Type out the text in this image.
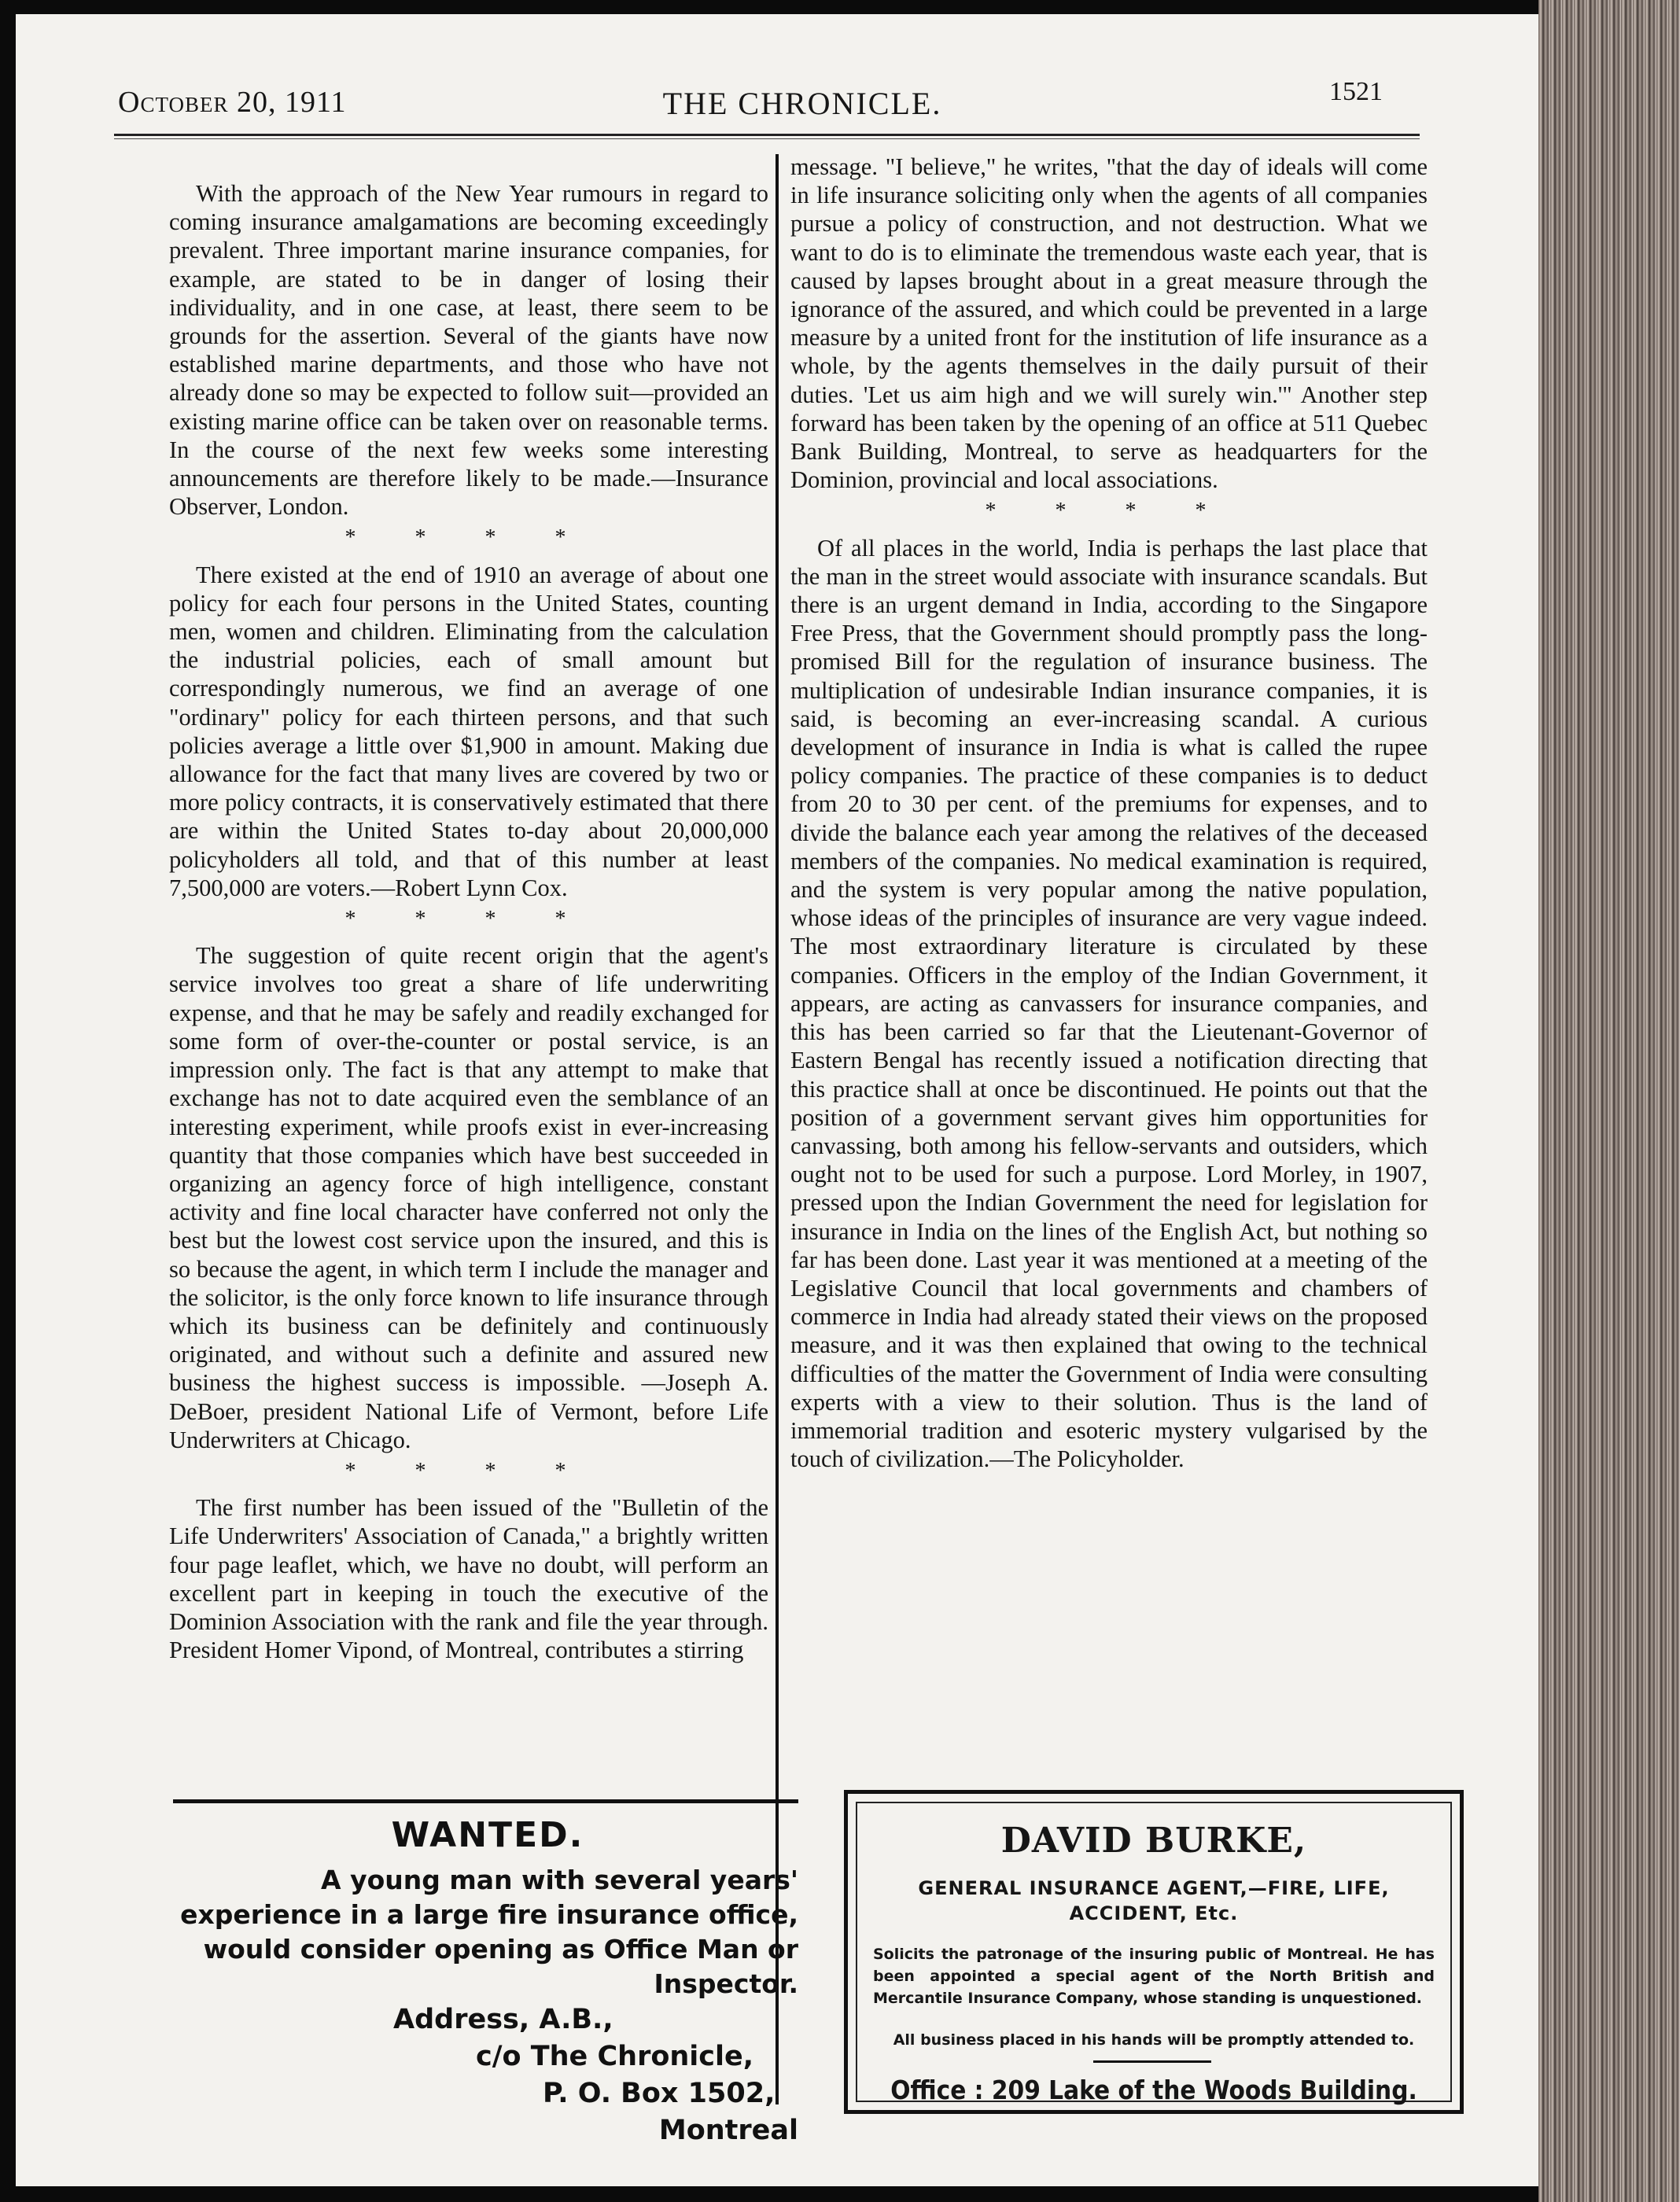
October 20, 1911	THE CHRONICLE.	1521

With the approach of the New Year rumours in regard to coming insurance amalgamations are becoming exceedingly prevalent. Three important marine insurance companies, for example, are stated to be in danger of losing their individuality, and in one case, at least, there seem to be grounds for the assertion. Several of the giants have now established marine departments, and those who have not already done so may be expected to follow suit—provided an existing marine office can be taken over on reasonable terms. In the course of the next few weeks some interesting announcements are therefore likely to be made.—Insurance Observer, London.

* * * *

There existed at the end of 1910 an average of about one policy for each four persons in the United States, counting men, women and children. Eliminating from the calculation the industrial policies, each of small amount but correspondingly numerous, we find an average of one "ordinary" policy for each thirteen persons, and that such policies average a little over $1,900 in amount. Making due allowance for the fact that many lives are covered by two or more policy contracts, it is conservatively estimated that there are within the United States to-day about 20,000,000 policyholders all told, and that of this number at least 7,500,000 are voters.—Robert Lynn Cox.

* * * *

The suggestion of quite recent origin that the agent's service involves too great a share of life underwriting expense, and that he may be safely and readily exchanged for some form of over-the-counter or postal service, is an impression only. The fact is that any attempt to make that exchange has not to date acquired even the semblance of an interesting experiment, while proofs exist in ever-increasing quantity that those companies which have best succeeded in organizing an agency force of high intelligence, constant activity and fine local character have conferred not only the best but the lowest cost service upon the insured, and this is so because the agent, in which term I include the manager and the solicitor, is the only force known to life insurance through which its business can be definitely and continuously originated, and without such a definite and assured new business the highest success is impossible. —Joseph A. DeBoer, president National Life of Vermont, before Life Underwriters at Chicago.

* * * *

The first number has been issued of the "Bulletin of the Life Underwriters' Association of Canada," a brightly written four page leaflet, which, we have no doubt, will perform an excellent part in keeping in touch the executive of the Dominion Association with the rank and file the year through. President Homer Vipond, of Montreal, contributes a stirring

message. "I believe," he writes, "that the day of ideals will come in life insurance soliciting only when the agents of all companies pursue a policy of construction, and not destruction. What we want to do is to eliminate the tremendous waste each year, that is caused by lapses brought about in a great measure through the ignorance of the assured, and which could be prevented in a large measure by a united front for the institution of life insurance as a whole, by the agents themselves in the daily pursuit of their duties. 'Let us aim high and we will surely win.'" Another step forward has been taken by the opening of an office at 511 Quebec Bank Building, Montreal, to serve as headquarters for the Dominion, provincial and local associations.

* * * *

Of all places in the world, India is perhaps the last place that the man in the street would associate with insurance scandals. But there is an urgent demand in India, according to the Singapore Free Press, that the Government should promptly pass the long-promised Bill for the regulation of insurance business. The multiplication of undesirable Indian insurance companies, it is said, is becoming an ever-increasing scandal. A curious development of insurance in India is what is called the rupee policy companies. The practice of these companies is to deduct from 20 to 30 per cent. of the premiums for expenses, and to divide the balance each year among the relatives of the deceased members of the companies. No medical examination is required, and the system is very popular among the native population, whose ideas of the principles of insurance are very vague indeed. The most extraordinary literature is circulated by these companies. Officers in the employ of the Indian Government, it appears, are acting as canvassers for insurance companies, and this has been carried so far that the Lieutenant-Governor of Eastern Bengal has recently issued a notification directing that this practice shall at once be discontinued. He points out that the position of a government servant gives him opportunities for canvassing, both among his fellow-servants and outsiders, which ought not to be used for such a purpose. Lord Morley, in 1907, pressed upon the Indian Government the need for legislation for insurance in India on the lines of the English Act, but nothing so far has been done. Last year it was mentioned at a meeting of the Legislative Council that local governments and chambers of commerce in India had already stated their views on the proposed measure, and it was then explained that owing to the technical difficulties of the matter the Government of India were consulting experts with a view to their solution. Thus is the land of immemorial tradition and esoteric mystery vulgarised by the touch of civilization.—The Policyholder.

WANTED.
A young man with several years' experience in a large fire insurance office, would consider opening as Office Man or Inspector.
Address, A.B.,
c/o The Chronicle,
P. O. Box 1502,
Montreal
DAVID BURKE,
GENERAL INSURANCE AGENT,—FIRE, LIFE, ACCIDENT, Etc.
Solicits the patronage of the insuring public of Montreal. He has been appointed a special agent of the North British and Mercantile Insurance Company, whose standing is unquestioned.
All business placed in his hands will be promptly attended to.
Office : 209 Lake of the Woods Building.
